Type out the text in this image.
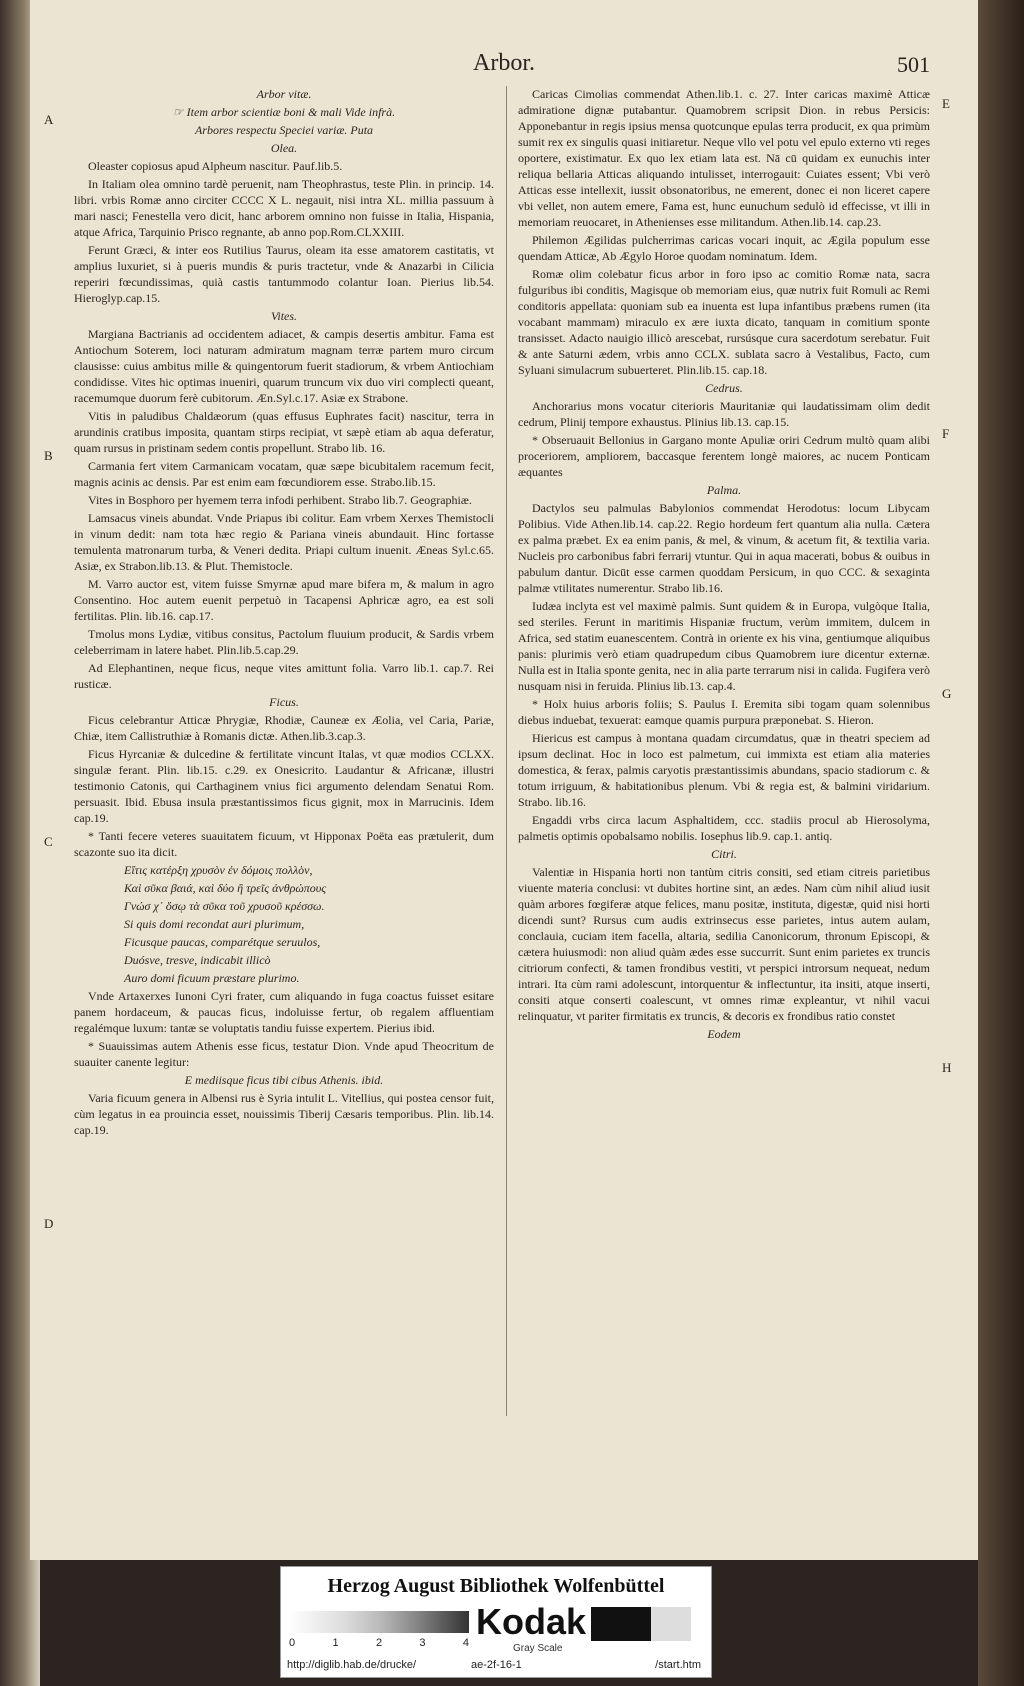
Arbor.	501

Arbor vitæ.

☞ Item arbor scientiæ boni & mali Vide infrà.

Arbores respectu Speciei variæ. Puta

Olea.

Oleaster copiosus apud Alpheum nascitur. Pauf.lib.5.

In Italiam olea omnino tardè peruenit, nam Theophrastus, teste Plin. in princip. 14. libri. vrbis Romæ anno circiter CCCC X L. negauit, nisi intra XL. millia passuum à mari nasci; Fenestella vero dicit, hanc arborem omnino non fuisse in Italia, Hispania, atque Africa, Tarquinio Prisco regnante, ab anno pop.Rom.CLXXIII.

Ferunt Græci, & inter eos Rutilius Taurus, oleam ita esse amatorem castitatis, vt amplius luxuriet, si à pueris mundis & puris tractetur, vnde & Anazarbi in Cilicia reperiri fœcundissimas, quià castis tantummodo colantur Ioan. Pierius lib.54. Hieroglyp.cap.15.

Vites.

Margiana Bactrianis ad occidentem adiacet, & campis desertis ambitur. Fama est Antiochum Soterem, loci naturam admiratum magnam terræ partem muro circum clausisse: cuius ambitus mille & quingentorum fuerit stadiorum, & vrbem Antiochiam condidisse. Vites hic optimas inueniri, quarum truncum vix duo viri complecti queant, racemumque duorum ferè cubitorum. Æn.Syl.c.17. Asiæ ex Strabone.

Vitis in paludibus Chaldæorum (quas effusus Euphrates facit) nascitur, terra in arundinis cratibus imposita, quantam stirps recipiat, vt sæpè etiam ab aqua deferatur, quam rursus in pristinam sedem contis propellunt. Strabo lib. 16.

Carmania fert vitem Carmanicam vocatam, quæ sæpe bicubitalem racemum fecit, magnis acinis ac densis. Par est enim eam fœcundiorem esse. Strabo.lib.15.

Vites in Bosphoro per hyemem terra infodi perhibent. Strabo lib.7. Geographiæ.

Lamsacus vineis abundat. Vnde Priapus ibi colitur. Eam vrbem Xerxes Themistocli in vinum dedit: nam tota hæc regio & Pariana vineis abundauit. Hinc fortasse temulenta matronarum turba, & Veneri dedita. Priapi cultum inuenit. Æneas Syl.c.65. Asiæ, ex Strabon.lib.13. & Plut. Themistocle.

M. Varro auctor est, vitem fuisse Smyrnæ apud mare bifera m, & malum in agro Consentino. Hoc autem euenit perpetuò in Tacapensi Aphricæ agro, ea est soli fertilitas. Plin. lib.16. cap.17.

Tmolus mons Lydiæ, vitibus consitus, Pactolum fluuium producit, & Sardis vrbem celeberrimam in latere habet. Plin.lib.5.cap.29.

Ad Elephantinen, neque ficus, neque vites amittunt folia. Varro lib.1. cap.7. Rei rusticæ.

Ficus.

Ficus celebrantur Atticæ Phrygiæ, Rhodiæ, Cauneæ ex Æolia, vel Caria, Pariæ, Chiæ, item Callistruthiæ à Romanis dictæ. Athen.lib.3.cap.3.

Ficus Hyrcaniæ & dulcedine & fertilitate vincunt Italas, vt quæ modios CCLXX. singulæ ferant. Plin. lib.15. c.29. ex Onesicrito. Laudantur & Africanæ, illustri testimonio Catonis, qui Carthaginem vnius fici argumento delendam Senatui Rom. persuasit. Ibid. Ebusa insula præstantissimos ficus gignit, mox in Marrucinis. Idem cap.19.

* Tanti fecere veteres suauitatem ficuum, vt Hipponax Poëta eas prætulerit, dum scazonte suo ita dicit.

Εἴτις κατέρξη χρυσὸν ἐν δόμοις πολλὸν,

Καὶ σῦκα βαιά, καὶ δύο ἢ τρεῖς ἀνθρώπους

Γνώσ χ᾽ ὅσῳ τὰ σῦκα τοῦ χρυσοῦ κρέσσω.

Si quis domi recondat auri plurimum,

Ficusque paucas, comparétque seruulos,

Duósve, tresve, indicabit illicò

Auro domi ficuum præstare plurimo.

Vnde Artaxerxes Iunoni Cyri frater, cum aliquando in fuga coactus fuisset esitare panem hordaceum, & paucas ficus, indoluisse fertur, ob regalem affluentiam regalémque luxum: tantæ se voluptatis tandiu fuisse expertem. Pierius ibid.

* Suauissimas autem Athenis esse ficus, testatur Dion. Vnde apud Theocritum de suauiter canente legitur:

E mediisque ficus tibi cibus Athenis. ibid.

Varia ficuum genera in Albensi rus è Syria intulit L. Vitellius, qui postea censor fuit, cùm legatus in ea prouincia esset, nouissimis Tiberij Cæsaris temporibus. Plin. lib.14. cap.19.

Caricas Cimolias commendat Athen.lib.1. c. 27. Inter caricas maximè Atticæ admiratione dignæ putabantur. Quamobrem scripsit Dion. in rebus Persicis: Apponebantur in regis ipsius mensa quotcunque epulas terra producit, ex qua primùm sumit rex ex singulis quasi initiaretur. Neque vllo vel potu vel epulo externo vti reges oportere, existimatur. Ex quo lex etiam lata est. Nā cū quidam ex eunuchis inter reliqua bellaria Atticas aliquando intulisset, interrogauit: Cuiates essent; Vbi verò Atticas esse intellexit, iussit obsonatoribus, ne emerent, donec ei non liceret capere vbi vellet, non autem emere, Fama est, hunc eunuchum sedulò id effecisse, vt illi in memoriam reuocaret, in Athenienses esse militandum. Athen.lib.14. cap.23.

Philemon Ægilidas pulcherrimas caricas vocari inquit, ac Ægila populum esse quendam Atticæ, Ab Ægylo Horoe quodam nominatum. Idem.

Romæ olim colebatur ficus arbor in foro ipso ac comitio Romæ nata, sacra fulguribus ibi conditis, Magisque ob memoriam eius, quæ nutrix fuit Romuli ac Remi conditoris appellata: quoniam sub ea inuenta est lupa infantibus præbens rumen (ita vocabant mammam) miraculo ex ære iuxta dicato, tanquam in comitium sponte transisset. Adacto nauigio illicò arescebat, rursúsque cura sacerdotum serebatur. Fuit & ante Saturni ædem, vrbis anno CCLX. sublata sacro à Vestalibus, Facto, cum Syluani simulacrum subuerteret. Plin.lib.15. cap.18.

Cedrus.

Anchorarius mons vocatur citerioris Mauritaniæ qui laudatissimam olim dedit cedrum, Plinij tempore exhaustus. Plinius lib.13. cap.15.

* Obseruauit Bellonius in Gargano monte Apuliæ oriri Cedrum multò quam alibi proceriorem, ampliorem, baccasque ferentem longè maiores, ac nucem Ponticam æquantes

Palma.

Dactylos seu palmulas Babylonios commendat Herodotus: locum Libycam Polibius. Vide Athen.lib.14. cap.22. Regio hordeum fert quantum alia nulla. Cætera ex palma præbet. Ex ea enim panis, & mel, & vinum, & acetum fit, & textilia varia. Nucleis pro carbonibus fabri ferrarij vtuntur. Qui in aqua macerati, bobus & ouibus in pabulum dantur. Dicūt esse carmen quoddam Persicum, in quo CCC. & sexaginta palmæ vtilitates numerentur. Strabo lib.16.

Iudæa inclyta est vel maximè palmis. Sunt quidem & in Europa, vulgòque Italia, sed steriles. Ferunt in maritimis Hispaniæ fructum, verùm immitem, dulcem in Africa, sed statim euanescentem. Contrà in oriente ex his vina, gentiumque aliquibus panis: plurimis verò etiam quadrupedum cibus Quamobrem iure dicentur externæ. Nulla est in Italia sponte genita, nec in alia parte terrarum nisi in calida. Fugifera verò nusquam nisi in feruida. Plinius lib.13. cap.4.

* Holx huius arboris foliis; S. Paulus I. Eremita sibi togam quam solennibus diebus induebat, texuerat: eamque quamis purpura præponebat. S. Hieron.

Hiericus est campus à montana quadam circumdatus, quæ in theatri speciem ad ipsum declinat. Hoc in loco est palmetum, cui immixta est etiam alia materies domestica, & ferax, palmis caryotis præstantissimis abundans, spacio stadiorum c. & totum irriguum, & habitationibus plenum. Vbi & regia est, & balmini viridarium. Strabo. lib.16.

Engaddi vrbs circa lacum Asphaltidem, ccc. stadiis procul ab Hierosolyma, palmetis optimis opobalsamo nobilis. Iosephus lib.9. cap.1. antiq.

Citri.

Valentiæ in Hispania horti non tantùm citris consiti, sed etiam citreis parietibus viuente materia conclusi: vt dubites hortine sint, an ædes. Nam cùm nihil aliud iusit quàm arbores fœgiferæ atque felices, manu positæ, instituta, digestæ, quid nisi horti dicendi sunt? Rursus cum audis extrinsecus esse parietes, intus autem aulam, conclauia, cuciam item facella, altaria, sedilia Canonicorum, thronum Episcopi, & cætera huiusmodi: non aliud quàm ædes esse succurrit. Sunt enim parietes ex truncis citriorum confecti, & tamen frondibus vestiti, vt perspici introrsum nequeat, nedum intrari. Ita cùm rami adolescunt, intorquentur & inflectuntur, ita insiti, atque inserti, consiti atque conserti coalescunt, vt omnes rimæ expleantur, vt nihil vacui relinquatur, vt pariter firmitatis ex truncis, & decoris ex frondibus ratio constet

Eodem

A
B
C
D
E
F
G
H
Herzog August Bibliothek Wolfenbüttel
0	1	2	3	4
Kodak
Gray Scale
http://diglib.hab.de/drucke/	ae-2f-16-1	/start.htm
